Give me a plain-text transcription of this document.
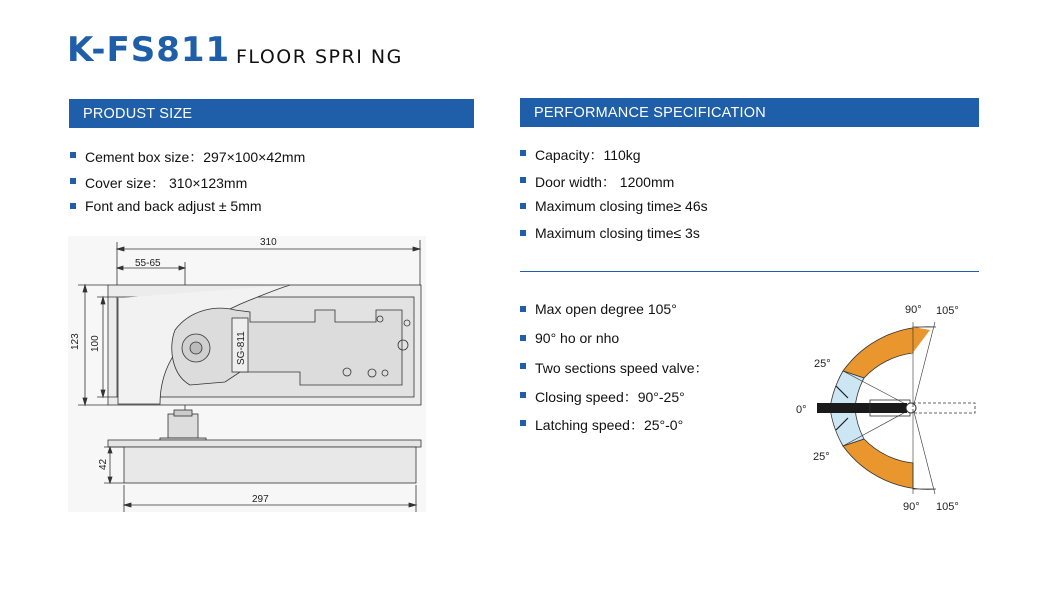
K-FS811 FLOOR SPRI NG
PRODUST SIZE	PERFORMANCE SPECIFICATION
Cement box size：297×100×42mm
Cover size： 310×123mm
Font and back adjust ± 5mm
Capacity：110kg
Door width： 1200mm
Maximum closing time≥ 46s
Maximum closing time≤ 3s
Max open degree 105°
90° ho or nho
Two sections speed valve：
Closing speed：90°-25°
Latching speed：25°-0°
310
55-65
123 100
42
297
SG-811
90° 105°
25°
0°
25°
90° 105°
